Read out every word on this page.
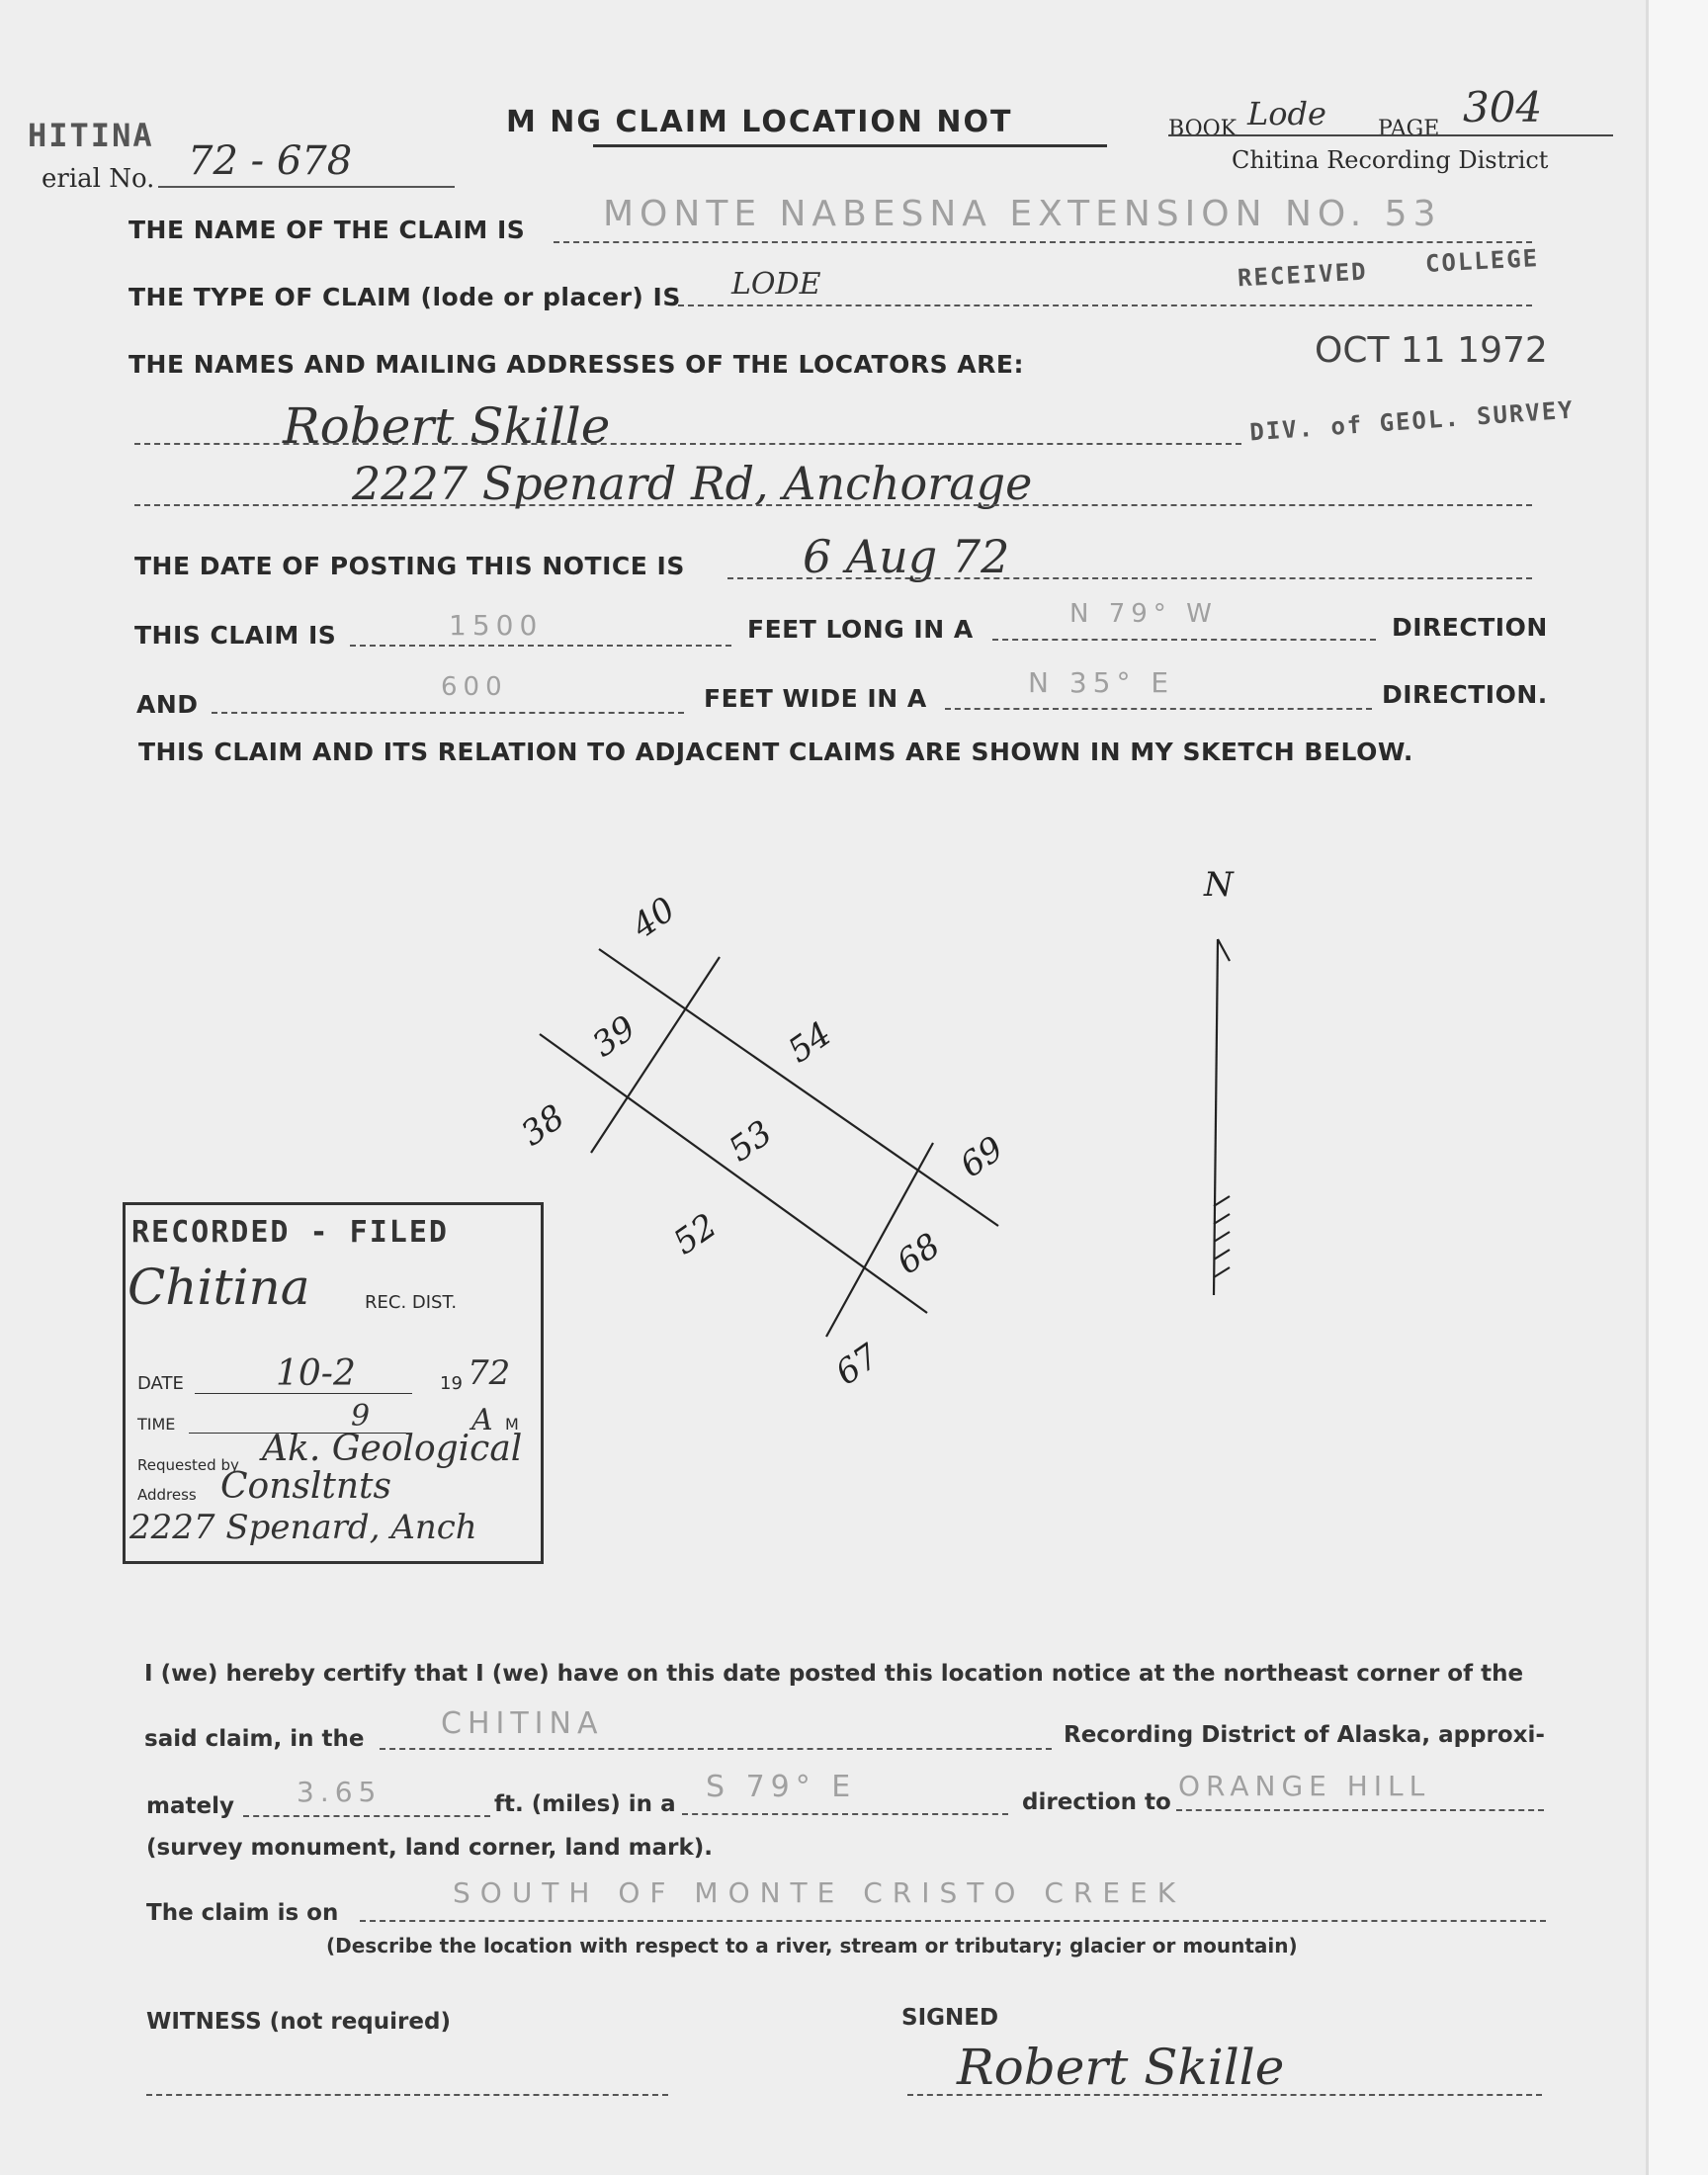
HITINA
erial No. 72 - 678
M NG CLAIM LOCATION NOT	BOOK Lode PAGE 304
Chitina Recording District
RECEIVED COLLEGE
OCT 11 1972
DIV. of GEOL. SURVEY
THE NAME OF THE CLAIM IS MONTE NABESNA EXTENSION NO. 53
THE TYPE OF CLAIM (lode or placer) IS LODE
THE NAMES AND MAILING ADDRESSES OF THE LOCATORS ARE:
Robert Skille
2227 Spenard Rd, Anchorage
THE DATE OF POSTING THIS NOTICE IS	6 Aug 72
THIS CLAIM IS	1500	FEET LONG IN A
N 79° W	DIRECTION
AND
600	FEET WIDE IN A	N 35° E	DIRECTION.
THIS CLAIM AND ITS RELATION TO ADJACENT CLAIMS ARE SHOWN IN MY SKETCH BELOW.
N
40
39
38
54
53
52
69
68
67
RECORDED - FILED
Chitina	REC. DIST.
DATE	10-2	19 72
TIME	9	A M
Requested by Ak. Geological
Address Consltnts
2227 Spenard, Anch
I (we) hereby certify that I (we) have on this date posted this location notice at the northeast corner of the
said claim, in the	CHITINA	Recording District of Alaska, approxi-
mately 3.65	ft. (miles) in a S 79° E	direction to ORANGE HILL
(survey monument, land corner, land mark).
The claim is on
SOUTH OF MONTE CRISTO CREEK
(Describe the location with respect to a river, stream or tributary; glacier or mountain)
WITNESS (not required)	SIGNED
Robert Skille
